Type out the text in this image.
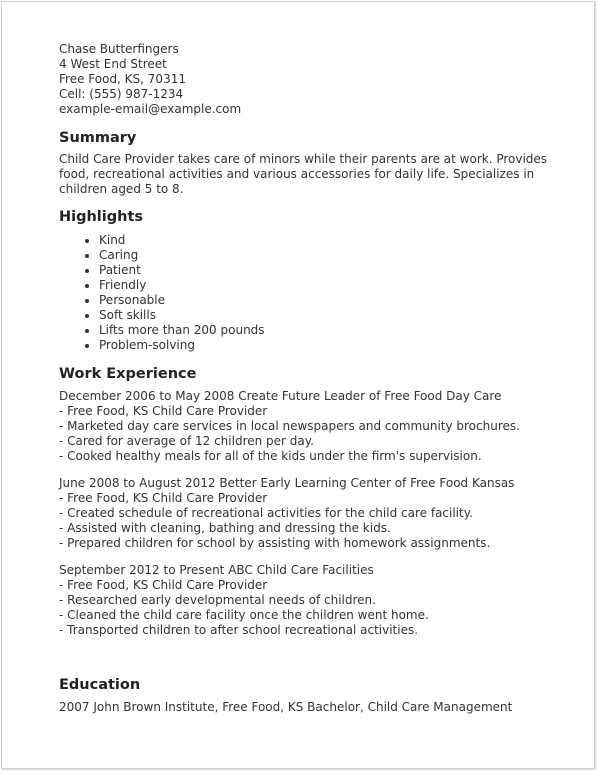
Chase Butterfingers
4 West End Street
Free Food, KS, 70311
Cell: (555) 987-1234
example-email@example.com
Summary
Child Care Provider takes care of minors while their parents are at work. Provides food, recreational activities and various accessories for daily life. Specializes in children aged 5 to 8.
Highlights
• Kind
• Caring
• Patient
• Friendly
• Personable
• Soft skills
• Lifts more than 200 pounds
• Problem-solving
Work Experience
December 2006 to May 2008 Create Future Leader of Free Food Day Care
- Free Food, KS Child Care Provider
- Marketed day care services in local newspapers and community brochures.
- Cared for average of 12 children per day.
- Cooked healthy meals for all of the kids under the firm's supervision.
June 2008 to August 2012 Better Early Learning Center of Free Food Kansas
- Free Food, KS Child Care Provider
- Created schedule of recreational activities for the child care facility.
- Assisted with cleaning, bathing and dressing the kids.
- Prepared children for school by assisting with homework assignments.
September 2012 to Present ABC Child Care Facilities
- Free Food, KS Child Care Provider
- Researched early developmental needs of children.
- Cleaned the child care facility once the children went home.
- Transported children to after school recreational activities.
Education
2007 John Brown Institute, Free Food, KS Bachelor, Child Care Management
